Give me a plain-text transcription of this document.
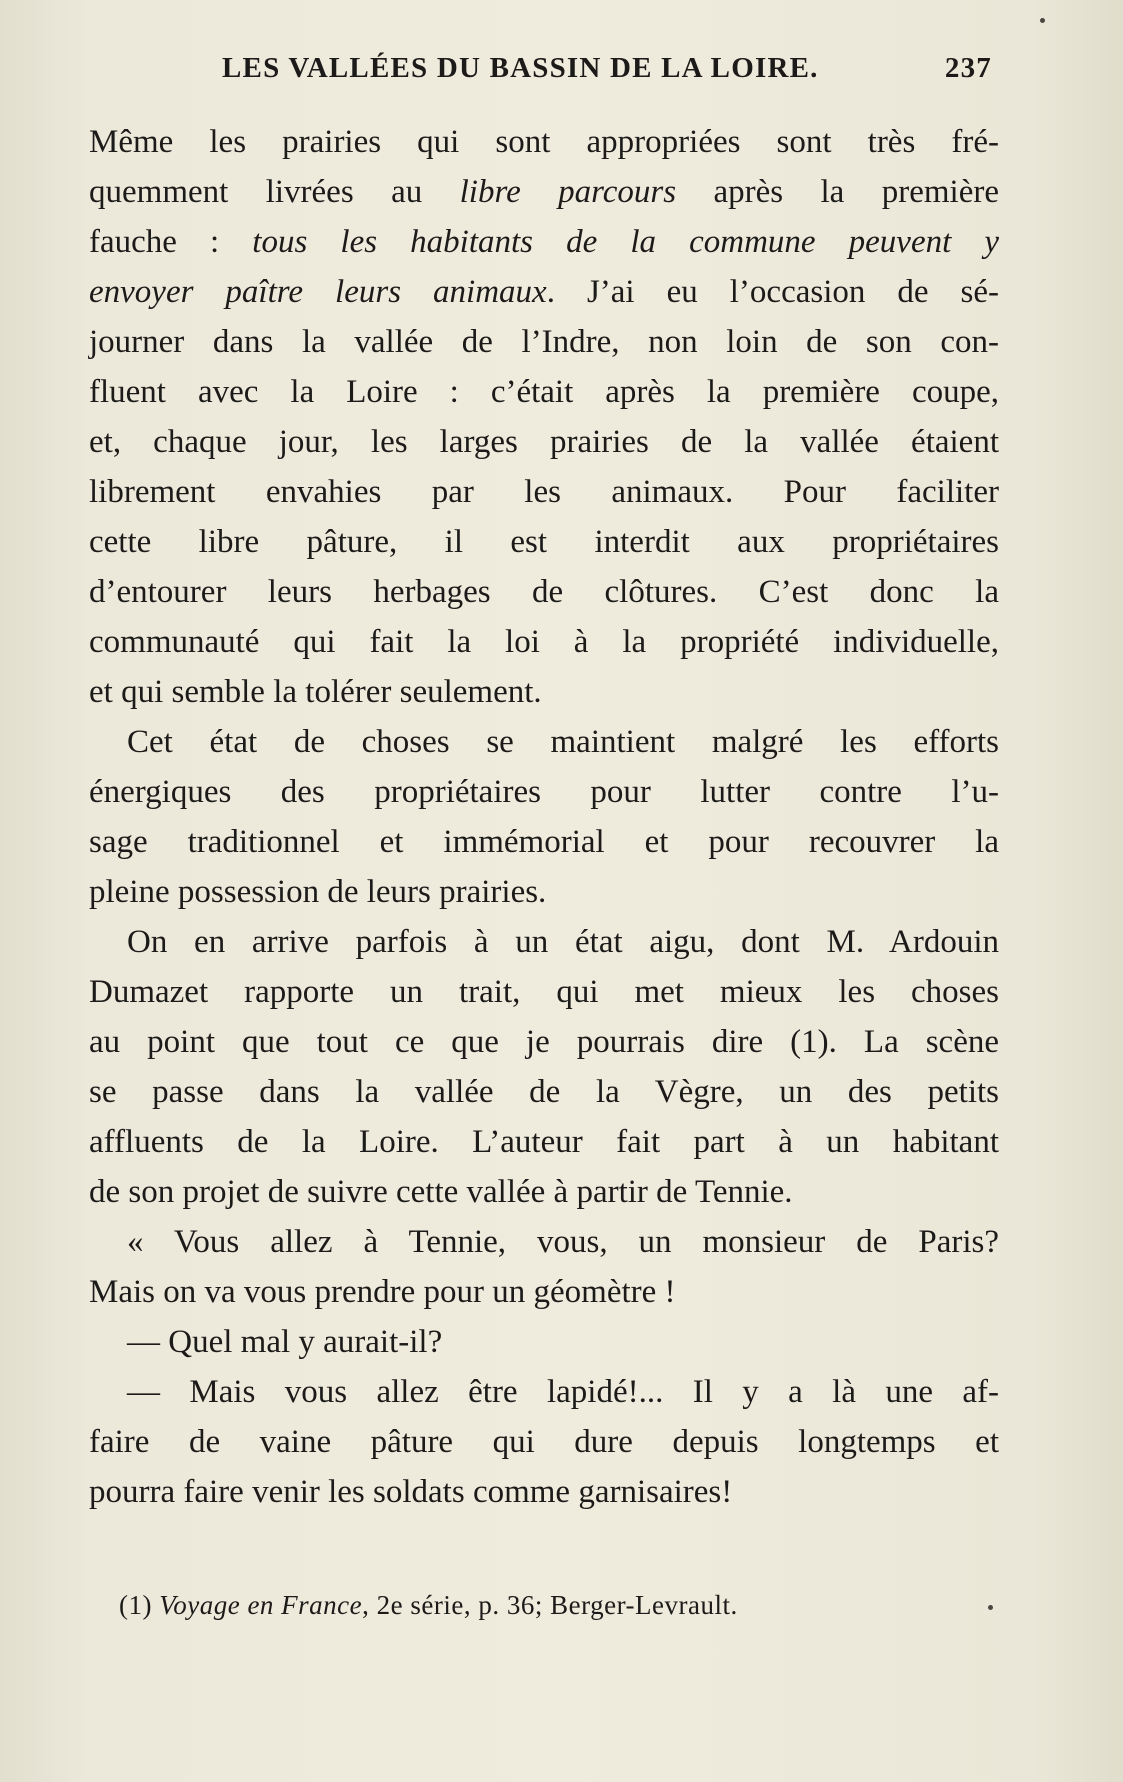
LES VALLÉES DU BASSIN DE LA LOIRE.	237
Même les prairies qui sont appropriées sont très fré-
quemment livrées au libre parcours après la première
fauche : tous les habitants de la commune peuvent y
envoyer paître leurs animaux. J’ai eu l’occasion de sé-
journer dans la vallée de l’Indre, non loin de son con-
fluent avec la Loire : c’était après la première coupe,
et, chaque jour, les larges prairies de la vallée étaient
librement envahies par les animaux. Pour faciliter
cette libre pâture, il est interdit aux propriétaires
d’entourer leurs herbages de clôtures. C’est donc la
communauté qui fait la loi à la propriété individuelle,
et qui semble la tolérer seulement.
Cet état de choses se maintient malgré les efforts
énergiques des propriétaires pour lutter contre l’u-
sage traditionnel et immémorial et pour recouvrer la
pleine possession de leurs prairies.
On en arrive parfois à un état aigu, dont M. Ardouin
Dumazet rapporte un trait, qui met mieux les choses
au point que tout ce que je pourrais dire (1). La scène
se passe dans la vallée de la Vègre, un des petits
affluents de la Loire. L’auteur fait part à un habitant
de son projet de suivre cette vallée à partir de Tennie.
« Vous allez à Tennie, vous, un monsieur de Paris?
Mais on va vous prendre pour un géomètre !
— Quel mal y aurait-il?
— Mais vous allez être lapidé!... Il y a là une af-
faire de vaine pâture qui dure depuis longtemps et
pourra faire venir les soldats comme garnisaires!
(1) Voyage en France, 2e série, p. 36; Berger-Levrault.
